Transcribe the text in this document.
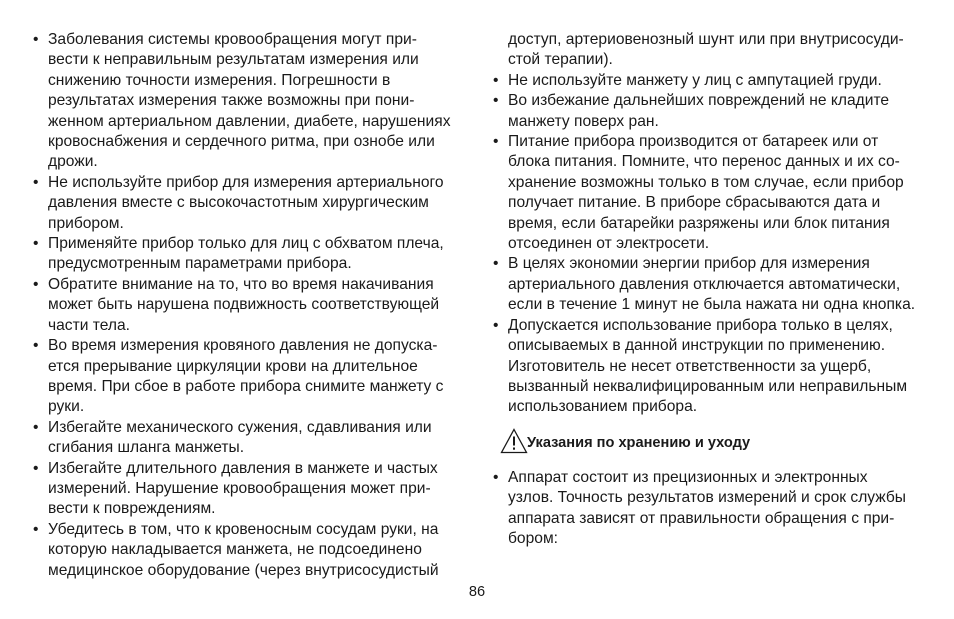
• Заболевания системы кровообращения могут при-
вести к неправильным результатам измерения или
снижению точности измерения. Погрешности в
результатах измерения также возможны при пони-
женном артериальном давлении, диабете, нарушениях
кровоснабжения и сердечного ритма, при ознобе или
дрожи.
• Не используйте прибор для измерения артериального
давления вместе с высокочастотным хирургическим
прибором.
• Применяйте прибор только для лиц с обхватом плеча,
предусмотренным параметрами прибора.
• Обратите внимание на то, что во время накачивания
может быть нарушена подвижность соответствующей
части тела.
• Во время измерения кровяного давления не допуска-
ется прерывание циркуляции крови на длительное
время. При сбое в работе прибора снимите манжету с
руки.
• Избегайте механического сужения, сдавливания или
сгибания шланга манжеты.
• Избегайте длительного давления в манжете и частых
измерений. Нарушение кровообращения может при-
вести к повреждениям.
• Убедитесь в том, что к кровеносным сосудам руки, на
которую накладывается манжета, не подсоединено
медицинское оборудование (через внутрисосудистый
доступ, артериовенозный шунт или при внутрисосуди-
стой терапии).
• Не используйте манжету у лиц с ампутацией груди.
• Во избежание дальнейших повреждений не кладите
манжету поверх ран.
• Питание прибора производится от батареек или от
блока питания. Помните, что перенос данных и их со-
хранение возможны только в том случае, если прибор
получает питание. В приборе сбрасываются дата и
время, если батарейки разряжены или блок питания
отсоединен от электросети.
• В целях экономии энергии прибор для измерения
артериального давления отключается автоматически,
если в течение 1 минут не была нажата ни одна кнопка.
• Допускается использование прибора только в целях,
описываемых в данной инструкции по применению.
Изготовитель не несет ответственности за ущерб,
вызванный неквалифицированным или неправильным
использованием прибора.
Указания по хранению и уходу
• Аппарат состоит из прецизионных и электронных
узлов. Точность результатов измерений и срок службы
аппарата зависят от правильности обращения с при-
бором:
86
